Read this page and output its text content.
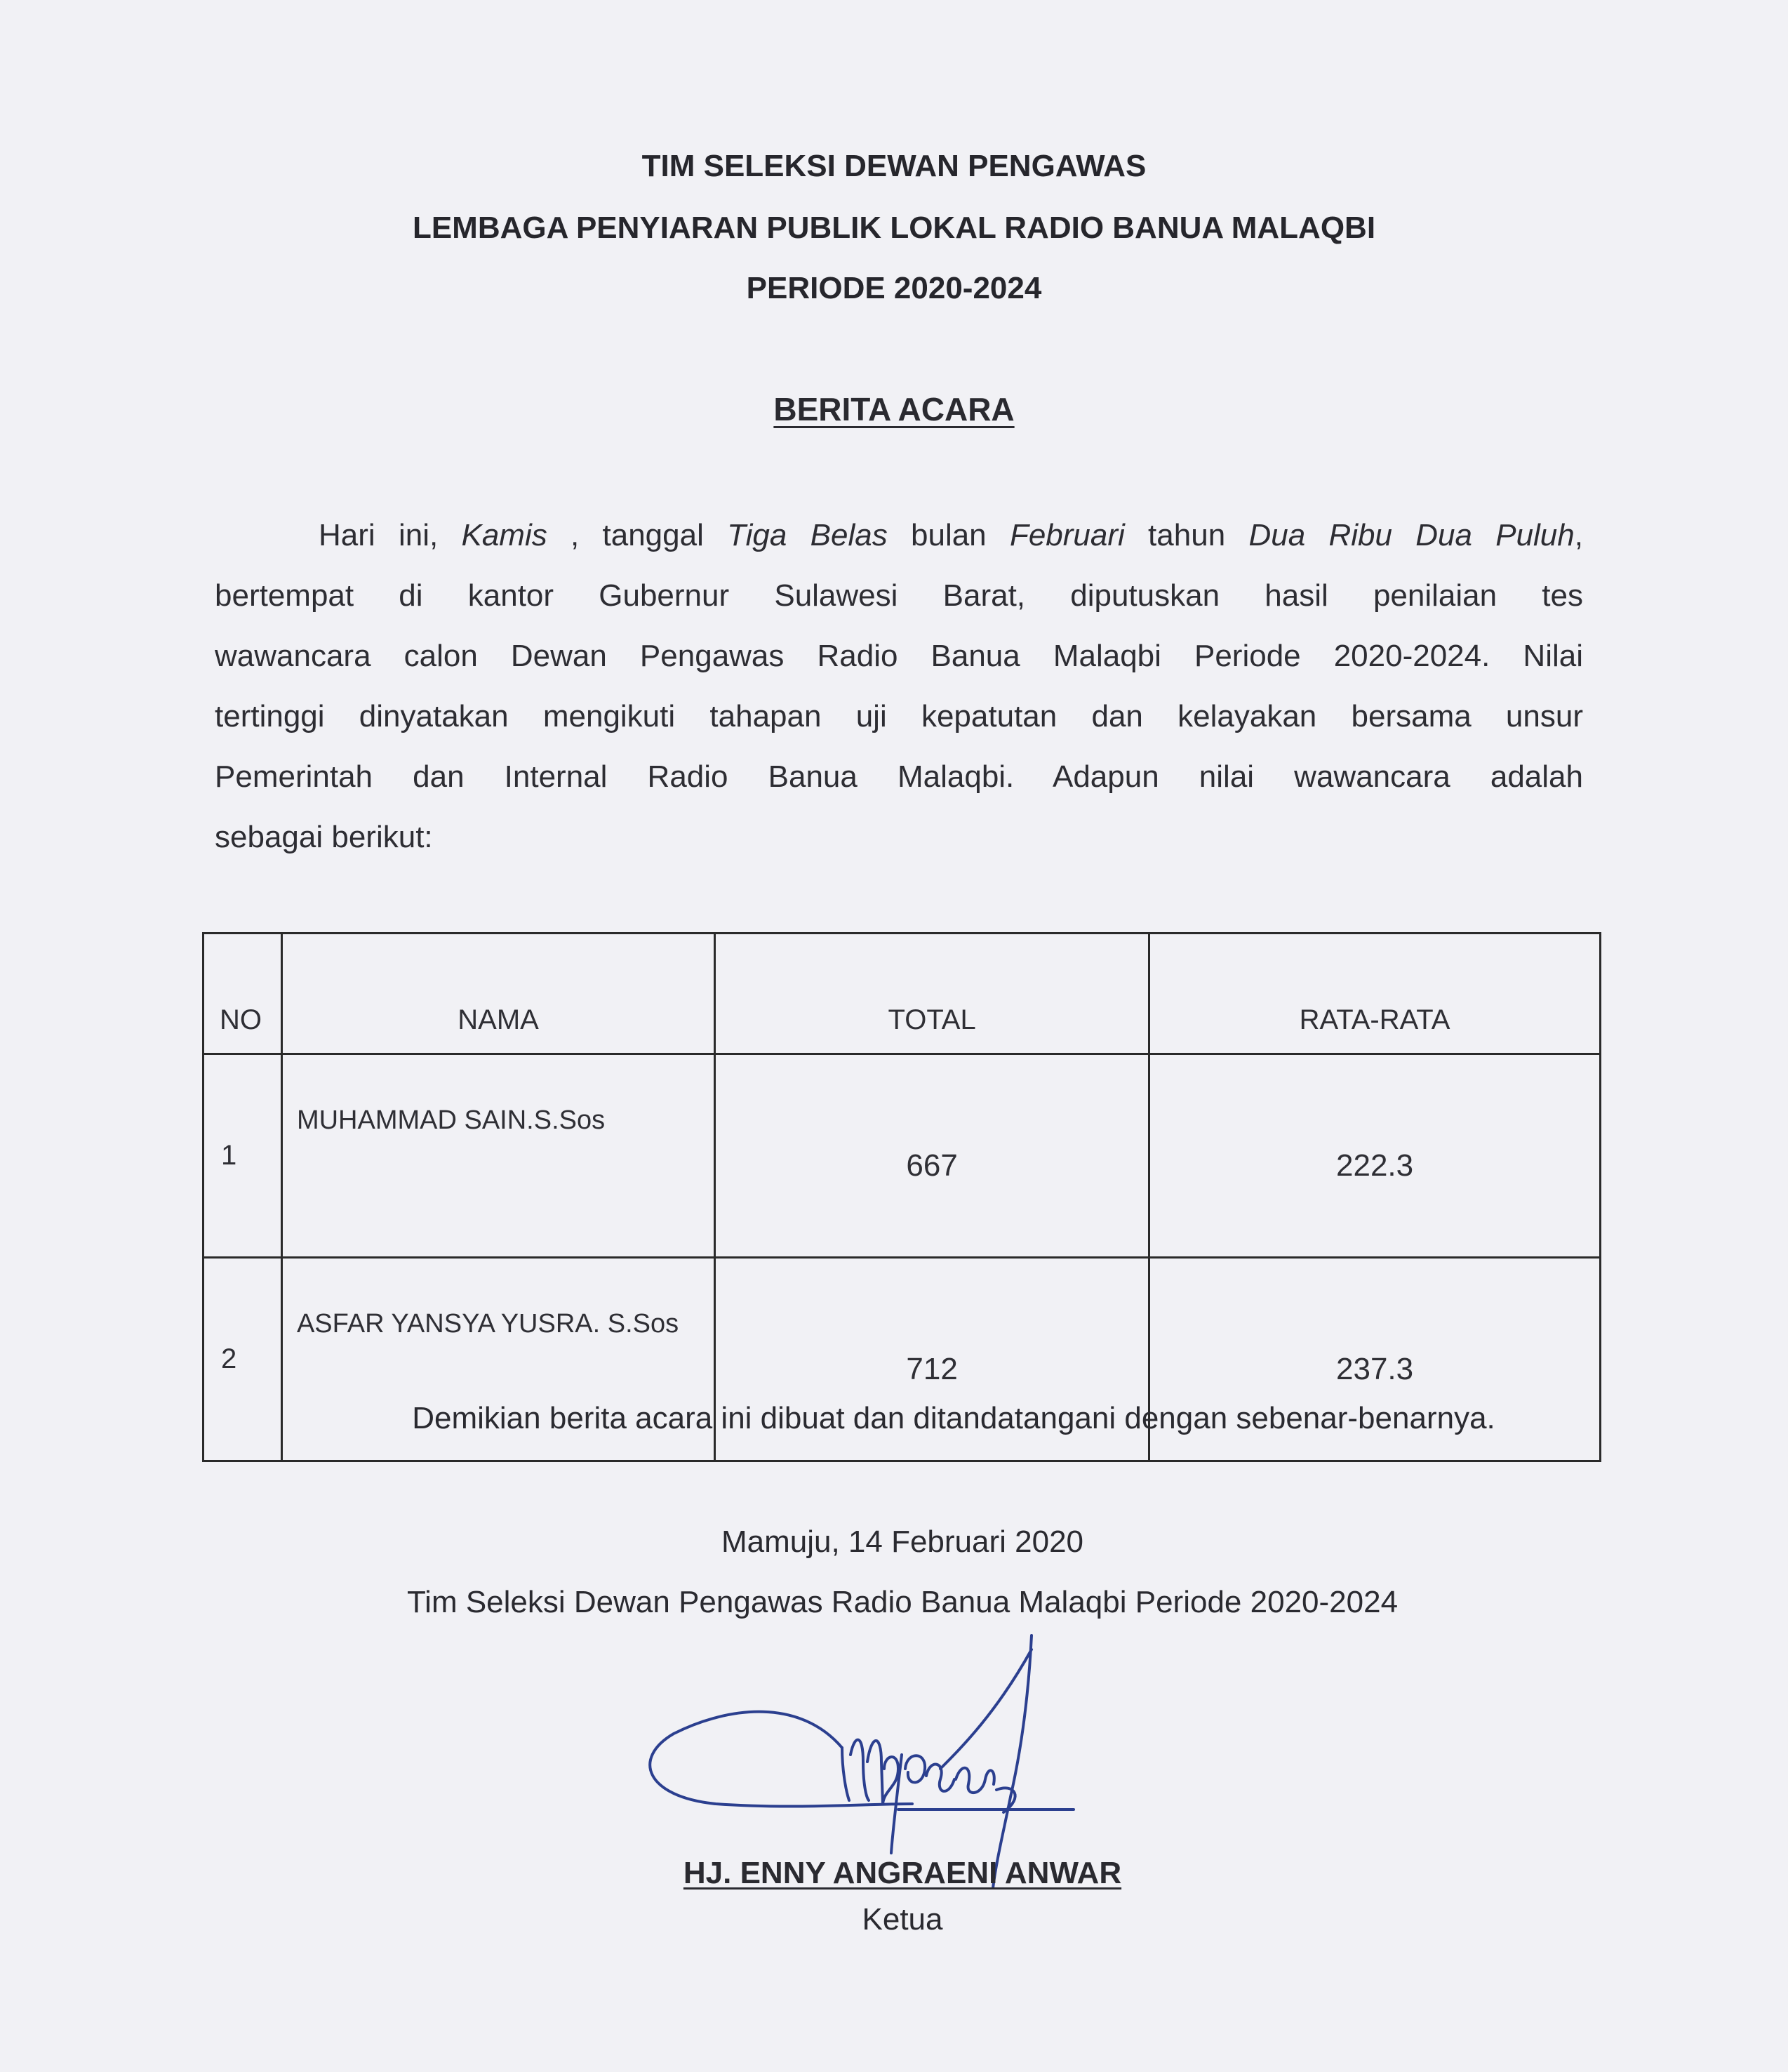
TIM SELEKSI DEWAN PENGAWAS
LEMBAGA PENYIARAN PUBLIK LOKAL RADIO BANUA MALAQBI
PERIODE 2020-2024
BERITA ACARA
Hari ini, Kamis , tanggal Tiga Belas bulan Februari tahun Dua Ribu Dua Puluh,
bertempat di kantor Gubernur Sulawesi Barat, diputuskan hasil penilaian tes
wawancara calon Dewan Pengawas Radio Banua Malaqbi Periode 2020-2024. Nilai
tertinggi dinyatakan mengikuti tahapan uji kepatutan dan kelayakan bersama unsur
Pemerintah dan Internal Radio Banua Malaqbi. Adapun nilai wawancara adalah
sebagai berikut:
NO	NAMA	TOTAL	RATA-RATA
1	MUHAMMAD SAIN.S.Sos	667	222.3
2	ASFAR YANSYA YUSRA. S.Sos	712	237.3
Demikian berita acara ini dibuat dan ditandatangani dengan sebenar-benarnya.
Mamuju, 14 Februari 2020
Tim Seleksi Dewan Pengawas Radio Banua Malaqbi Periode 2020-2024
HJ. ENNY ANGRAENI ANWAR
Ketua
